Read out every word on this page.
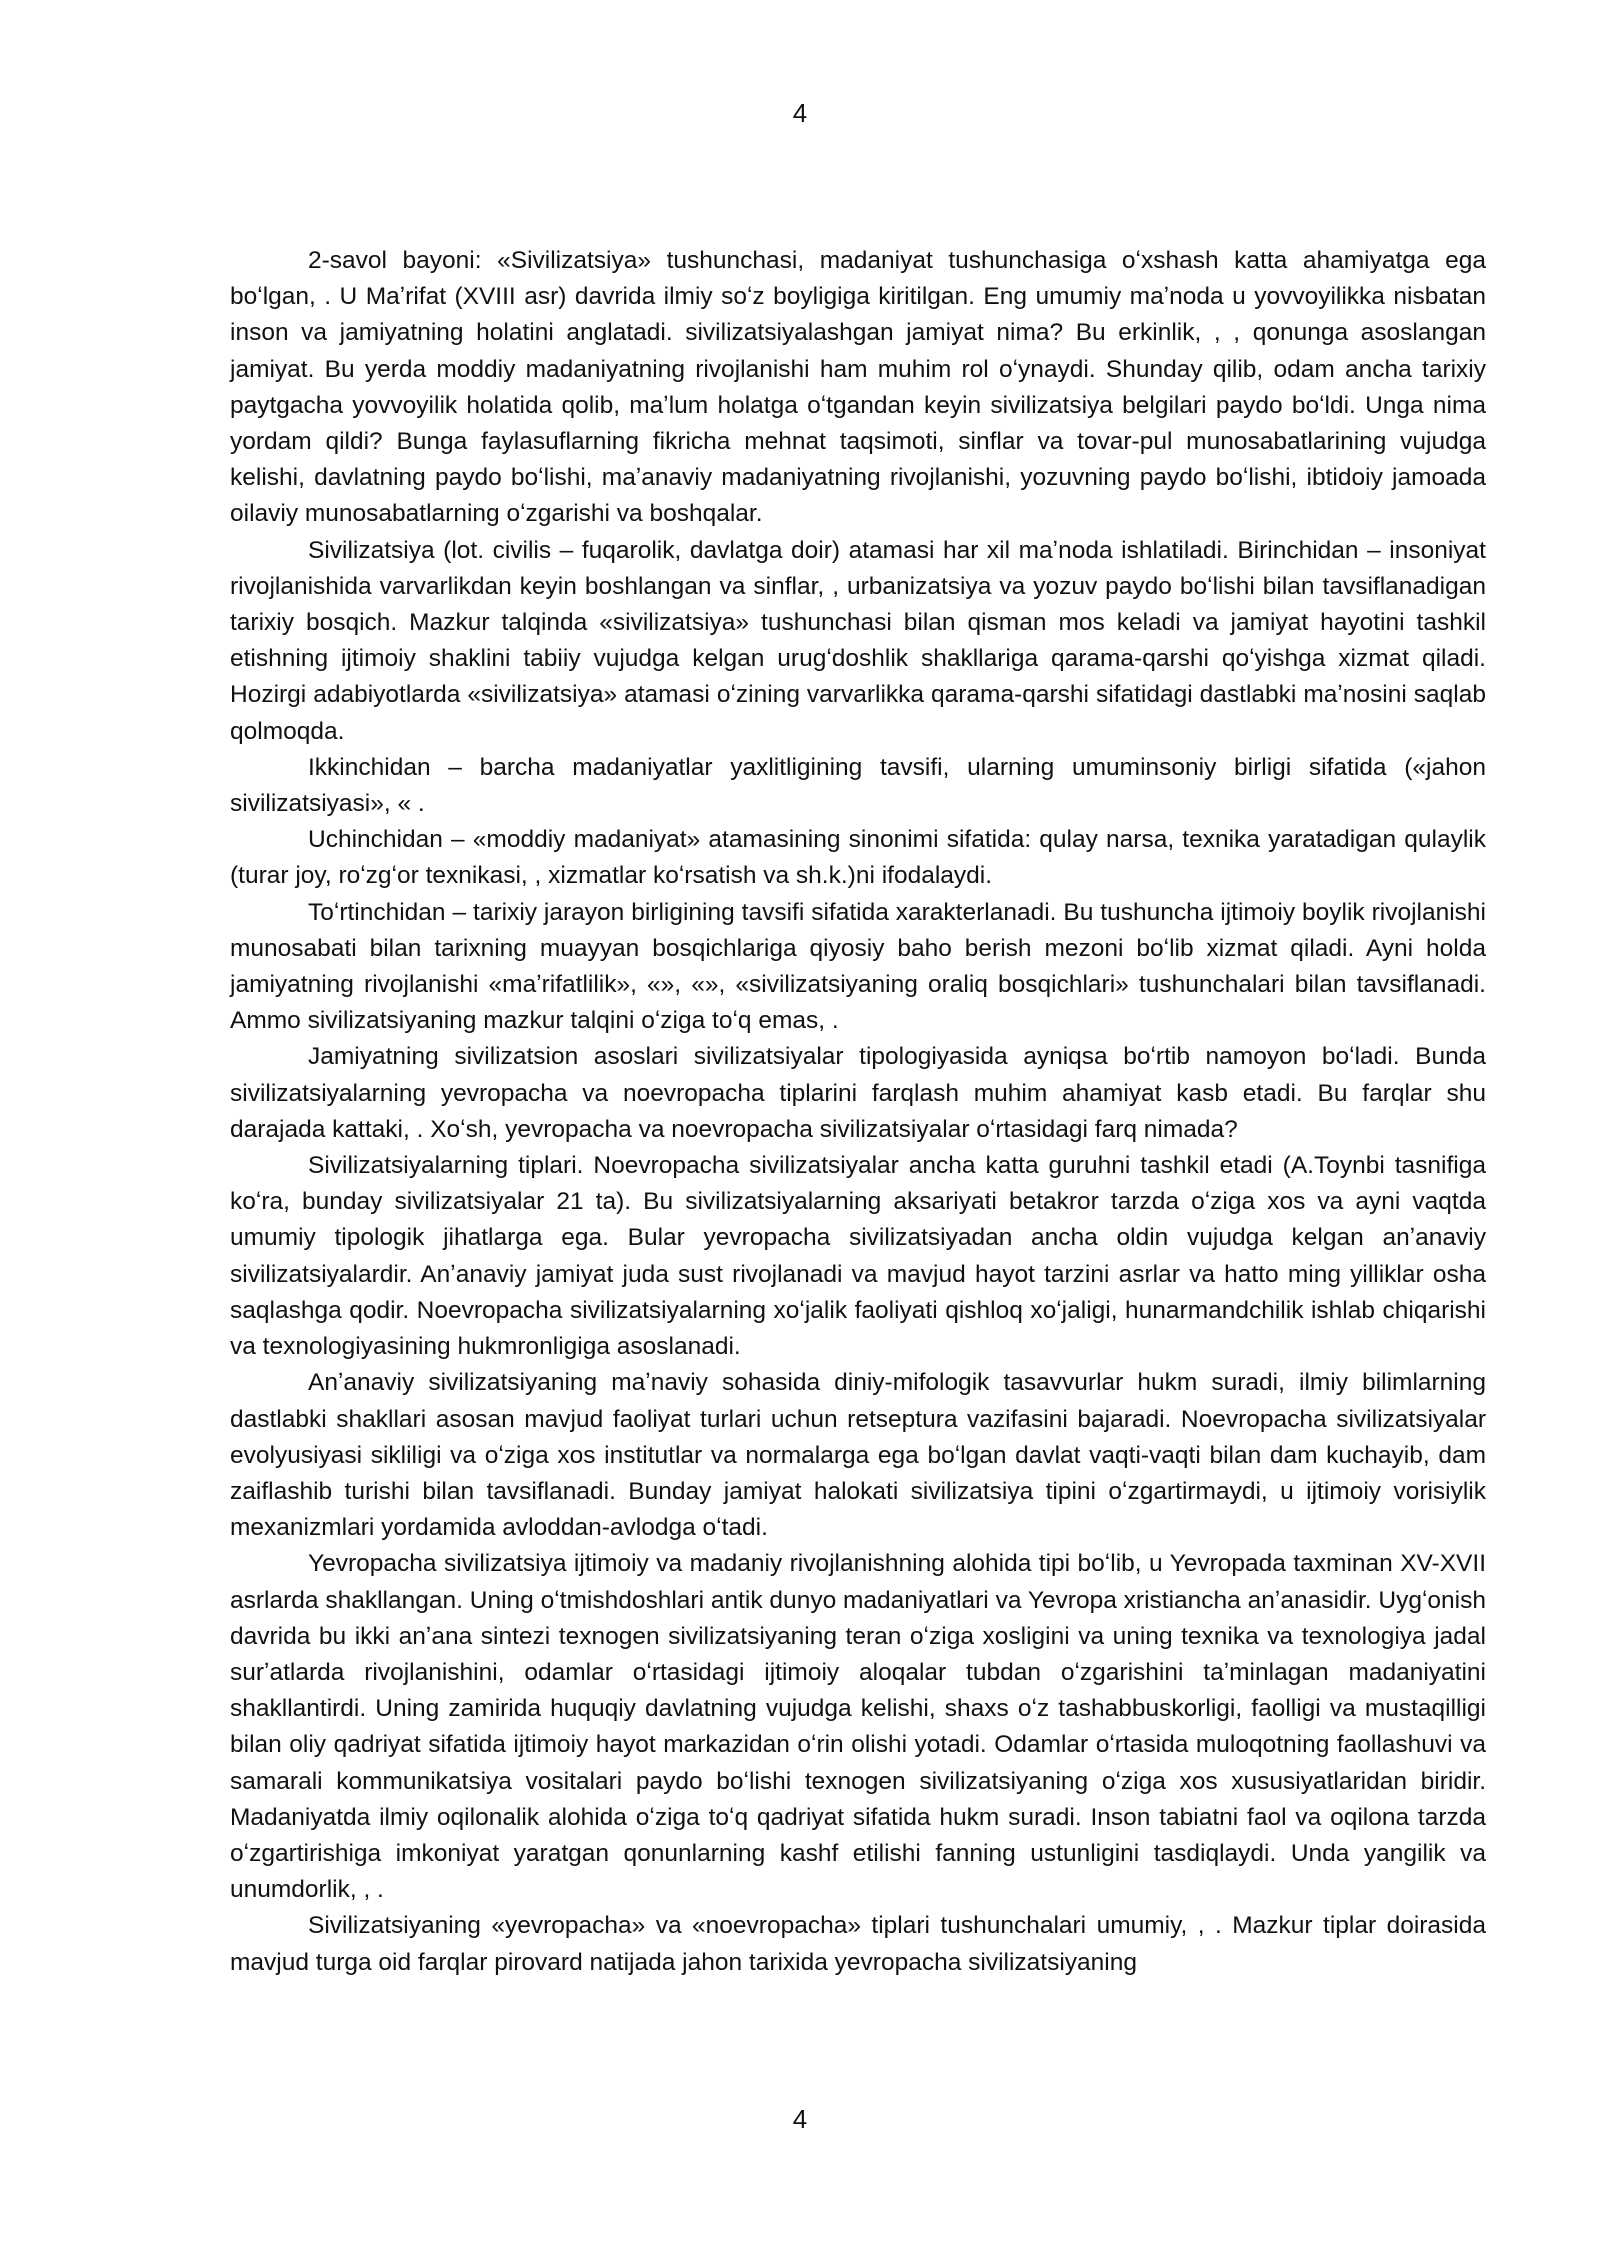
4

2-savol bayoni: «Sivilizatsiya» tushunchasi, madaniyat tushunchasiga oʻxshash katta ahamiyatga ega boʻlgan, . U Maʼrifat (XVIII asr) davrida ilmiy soʻz boyligiga kiritilgan. Eng umumiy maʼnoda u yovvoyilikka nisbatan inson va jamiyatning holatini anglatadi. sivilizatsiyalashgan jamiyat nima? Bu erkinlik, , , qonunga asoslangan jamiyat. Bu yerda moddiy madaniyatning rivojlanishi ham muhim rol oʻynaydi. Shunday qilib, odam ancha tarixiy paytgacha yovvoyilik holatida qolib, maʼlum holatga oʻtgandan keyin sivilizatsiya belgilari paydo boʻldi. Unga nima yordam qildi? Bunga faylasuflarning fikricha mehnat taqsimoti, sinflar va tovar-pul munosabatlarining vujudga kelishi, davlatning paydo boʻlishi, maʼanaviy madaniyatning rivojlanishi, yozuvning paydo boʻlishi, ibtidoiy jamoada oilaviy munosabatlarning oʻzgarishi va boshqalar.

Sivilizatsiya (lot. civilis – fuqarolik, davlatga doir) atamasi har xil maʼnoda ishlatiladi. Birinchidan – insoniyat rivojlanishida varvarlikdan keyin boshlangan va sinflar, , urbanizatsiya va yozuv paydo boʻlishi bilan tavsiflanadigan tarixiy bosqich. Mazkur talqinda «sivilizatsiya» tushunchasi bilan qisman mos keladi va jamiyat hayotini tashkil etishning ijtimoiy shaklini tabiiy vujudga kelgan urugʻdoshlik shakllariga qarama-qarshi qoʻyishga xizmat qiladi. Hozirgi adabiyotlarda «sivilizatsiya» atamasi oʻzining varvarlikka qarama-qarshi sifatidagi dastlabki maʼnosini saqlab qolmoqda.

Ikkinchidan – barcha madaniyatlar yaxlitligining tavsifi, ularning umuminsoniy birligi sifatida («jahon sivilizatsiyasi», « .

Uchinchidan – «moddiy madaniyat» atamasining sinonimi sifatida: qulay narsa, texnika yaratadigan qulaylik (turar joy, roʻzgʻor texnikasi, , xizmatlar koʻrsatish va sh.k.)ni ifodalaydi.

Toʻrtinchidan – tarixiy jarayon birligining tavsifi sifatida xarakterlanadi. Bu tushuncha ijtimoiy boylik rivojlanishi munosabati bilan tarixning muayyan bosqichlariga qiyosiy baho berish mezoni boʻlib xizmat qiladi. Ayni holda jamiyatning rivojlanishi «maʼrifatlilik», «», «», «sivilizatsiyaning oraliq bosqichlari» tushunchalari bilan tavsiflanadi. Ammo sivilizatsiyaning mazkur talqini oʻziga toʻq emas, .

Jamiyatning sivilizatsion asoslari sivilizatsiyalar tipologiyasida ayniqsa boʻrtib namoyon boʻladi. Bunda sivilizatsiyalarning yevropacha va noevropacha tiplarini farqlash muhim ahamiyat kasb etadi. Bu farqlar shu darajada kattaki, . Xoʻsh, yevropacha va noevropacha sivilizatsiyalar oʻrtasidagi farq nimada?

Sivilizatsiyalarning tiplari. Noevropacha sivilizatsiyalar ancha katta guruhni tashkil etadi (A.Toynbi tasnifiga koʻra, bunday sivilizatsiyalar 21 ta). Bu sivilizatsiyalarning aksariyati betakror tarzda oʻziga xos va ayni vaqtda umumiy tipologik jihatlarga ega. Bular yevropacha sivilizatsiyadan ancha oldin vujudga kelgan anʼanaviy sivilizatsiyalardir. Anʼanaviy jamiyat juda sust rivojlanadi va mavjud hayot tarzini asrlar va hatto ming yilliklar osha saqlashga qodir. Noevropacha sivilizatsiyalarning xoʻjalik faoliyati qishloq xoʻjaligi, hunarmandchilik ishlab chiqarishi va texnologiyasining hukmronligiga asoslanadi.

Anʼanaviy sivilizatsiyaning maʼnaviy sohasida diniy-mifologik tasavvurlar hukm suradi, ilmiy bilimlarning dastlabki shakllari asosan mavjud faoliyat turlari uchun retseptura vazifasini bajaradi. Noevropacha sivilizatsiyalar evolyusiyasi sikliligi va oʻziga xos institutlar va normalarga ega boʻlgan davlat vaqti-vaqti bilan dam kuchayib, dam zaiflashib turishi bilan tavsiflanadi. Bunday jamiyat halokati sivilizatsiya tipini oʻzgartirmaydi, u ijtimoiy vorisiylik mexanizmlari yordamida avloddan-avlodga oʻtadi.

Yevropacha sivilizatsiya ijtimoiy va madaniy rivojlanishning alohida tipi boʻlib, u Yevropada taxminan XV-XVII asrlarda shakllangan. Uning oʻtmishdoshlari antik dunyo madaniyatlari va Yevropa xristiancha anʼanasidir. Uygʻonish davrida bu ikki anʼana sintezi texnogen sivilizatsiyaning teran oʻziga xosligini va uning texnika va texnologiya jadal surʼatlarda rivojlanishini, odamlar oʻrtasidagi ijtimoiy aloqalar tubdan oʻzgarishini taʼminlagan madaniyatini shakllantirdi. Uning zamirida huquqiy davlatning vujudga kelishi, shaxs oʻz tashabbuskorligi, faolligi va mustaqilligi bilan oliy qadriyat sifatida ijtimoiy hayot markazidan oʻrin olishi yotadi. Odamlar oʻrtasida muloqotning faollashuvi va samarali kommunikatsiya vositalari paydo boʻlishi texnogen sivilizatsiyaning oʻziga xos xususiyatlaridan biridir. Madaniyatda ilmiy oqilonalik alohida oʻziga toʻq qadriyat sifatida hukm suradi. Inson tabiatni faol va oqilona tarzda oʻzgartirishiga imkoniyat yaratgan qonunlarning kashf etilishi fanning ustunligini tasdiqlaydi. Unda yangilik va unumdorlik, , .

Sivilizatsiyaning «yevropacha» va «noevropacha» tiplari tushunchalari umumiy, , . Mazkur tiplar doirasida mavjud turga oid farqlar pirovard natijada jahon tarixida yevropacha sivilizatsiyaning

4
